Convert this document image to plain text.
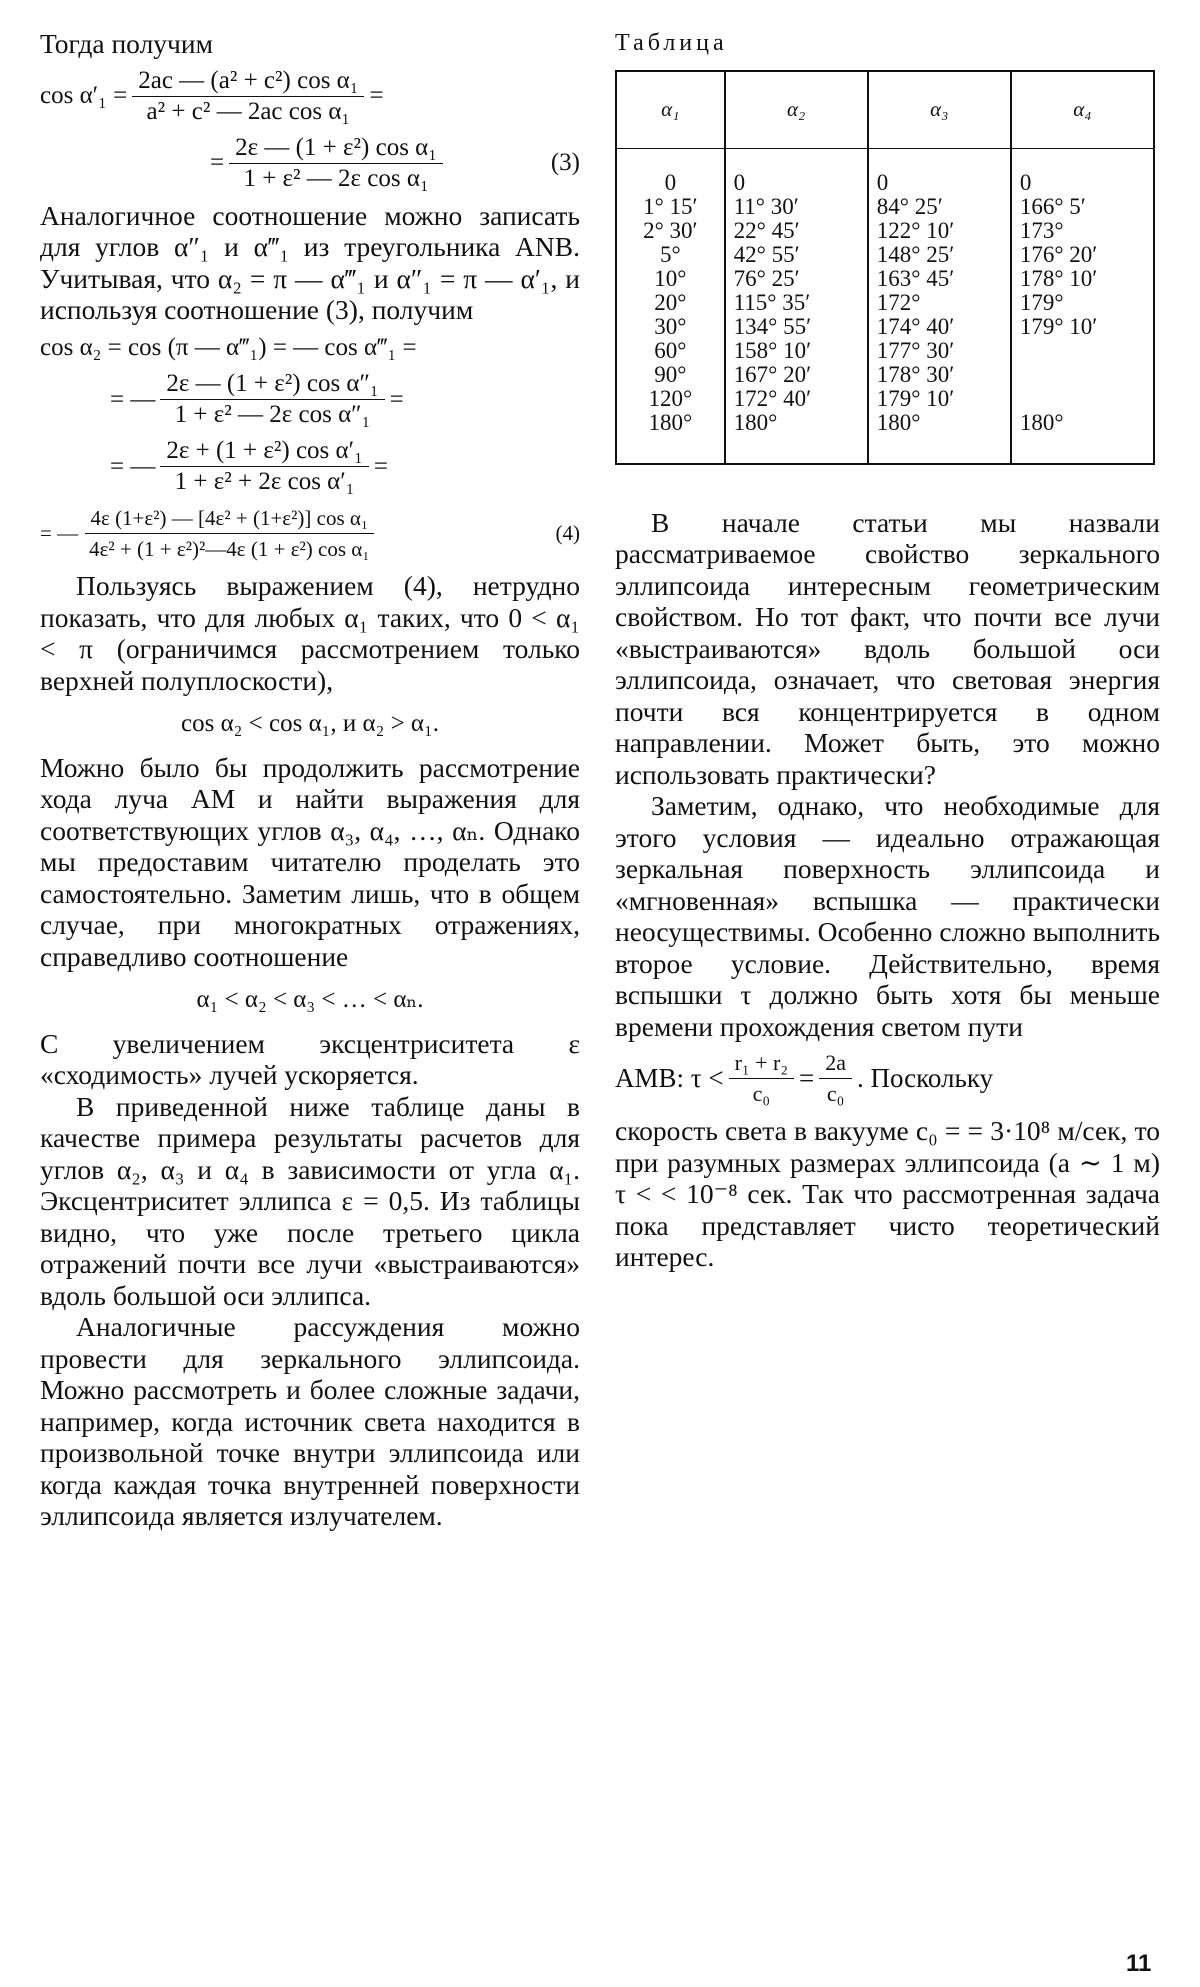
Тогда получим

$\cos \alpha'_1 = \frac{\text{2ac — (a² + c²) cos α₁}}{\text{a² + c² — 2ac cos α₁}}$ =
= $\frac{\text{2ε — (1 + ε²) cos α₁}}{\text{1 + ε² — 2ε cos α₁}}$	(3)

Аналогичное соотношение можно записать для углов α″₁ и α‴₁ из треугольника ANB. Учитывая, что α₂ = π — α‴₁ и α″₁ = π — α′₁, и используя соотношение (3), получим

cos α₂ = cos (π — α‴₁) = — cos α‴₁ =
= — $\frac{\text{2ε — (1 + ε²) cos α″₁}}{\text{1 + ε² — 2ε cos α″₁}}$ =
= — $\frac{\text{2ε + (1 + ε²) cos α′₁}}{\text{1 + ε² + 2ε cos α′₁}}$ =
= — $\frac{\text{4ε (1+ε²) — [4ε² + (1+ε²)] cos α₁}}{\text{4ε² + (1 + ε²)²—4ε (1 + ε²) cos α₁}}$	(4)

Пользуясь выражением (4), нетрудно показать, что для любых α₁ таких, что 0 < α₁ < π (ограничимся рассмотрением только верхней полуплоскости),

cos α₂ < cos α₁, и α₂ > α₁.

Можно было бы продолжить рассмотрение хода луча AM и найти выражения для соответствующих углов α₃, α₄, …, αₙ. Однако мы предоставим читателю проделать это самостоятельно. Заметим лишь, что в общем случае, при многократных отражениях, справедливо соотношение

α₁ < α₂ < α₃ < … < αₙ.

С увеличением эксцентриситета ε «сходимость» лучей ускоряется.

В приведенной ниже таблице даны в качестве примера результаты расчетов для углов α₂, α₃ и α₄ в зависимости от угла α₁. Эксцентриситет эллипса ε = 0,5. Из таблицы видно, что уже после третьего цикла отражений почти все лучи «выстраиваются» вдоль большой оси эллипса.

Аналогичные рассуждения можно провести для зеркального эллипсоида. Можно рассмотреть и более сложные задачи, например, когда источник света находится в произвольной точке внутри эллипсоида или когда каждая точка внутренней поверхности эллипсоида является излучателем.

Таблица
α₁	α₂	α₃	α₄
0	0	0	0
1° 15′	11° 30′	84° 25′	166° 5′
2° 30′	22° 45′	122° 10′	173°
5°	42° 55′	148° 25′	176° 20′
10°	76° 25′	163° 45′	178° 10′
20°	115° 35′	172°	179°
30°	134° 55′	174° 40′	179° 10′
60°	158° 10′	177° 30′	
90°	167° 20′	178° 30′	
120°	172° 40′	179° 10′	
180°	180°	180°	180°

В начале статьи мы назвали рассматриваемое свойство зеркального эллипсоида интересным геометрическим свойством. Но тот факт, что почти все лучи «выстраиваются» вдоль большой оси эллипсоида, означает, что световая энергия почти вся концентрируется в одном направлении. Может быть, это можно использовать практически?

Заметим, однако, что необходимые для этого условия — идеально отражающая зеркальная поверхность эллипсоида и «мгновенная» вспышка — практически неосуществимы. Особенно сложно выполнить второе условие. Действительно, время вспышки τ должно быть хотя бы меньше времени прохождения светом пути

AMB: $\tau < \frac{\text{r₁ + r₂}}{\text{c₀}} = \frac{2a}{\text{c₀}}$ . Поскольку

скорость света в вакууме c₀ = = 3·10⁸ м/сек, то при разумных размерах эллипсоида (a ∼ 1 м) τ < < 10⁻⁸ сек. Так что рассмотренная задача пока представляет чисто теоретический интерес.

11
